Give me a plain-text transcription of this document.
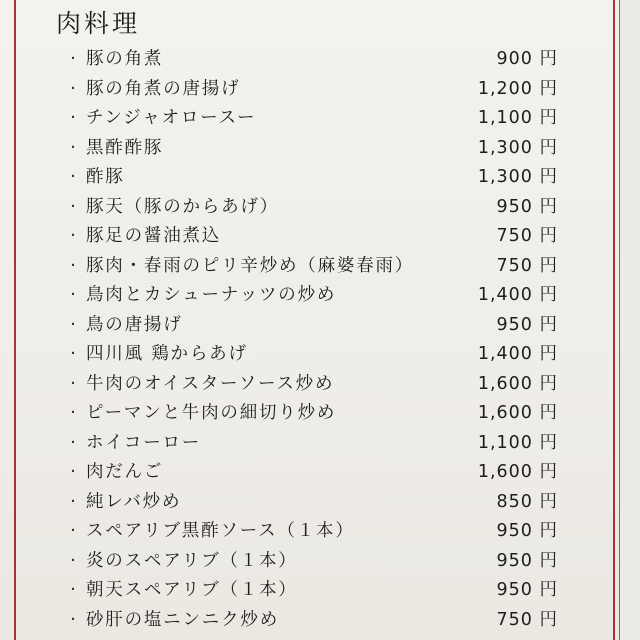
肉料理
· 豚の角煮	900 円
· 豚の角煮の唐揚げ	1,200 円
· チンジャオロースー	1,100 円
· 黒酢酢豚	1,300 円
· 酢豚	1,300 円
· 豚天（豚のからあげ）	950 円
· 豚足の醤油煮込	750 円
· 豚肉・春雨のピリ辛炒め（麻婆春雨）	750 円
· 鳥肉とカシューナッツの炒め	1,400 円
· 鳥の唐揚げ	950 円
· 四川風 鶏からあげ	1,400 円
· 牛肉のオイスターソース炒め	1,600 円
· ピーマンと牛肉の細切り炒め	1,600 円
· ホイコーロー	1,100 円
· 肉だんご	1,600 円
· 純レバ炒め	850 円
· スペアリブ黒酢ソース（１本）	950 円
· 炎のスペアリブ（１本）	950 円
· 朝天スペアリブ（１本）	950 円
· 砂肝の塩ニンニク炒め	750 円
